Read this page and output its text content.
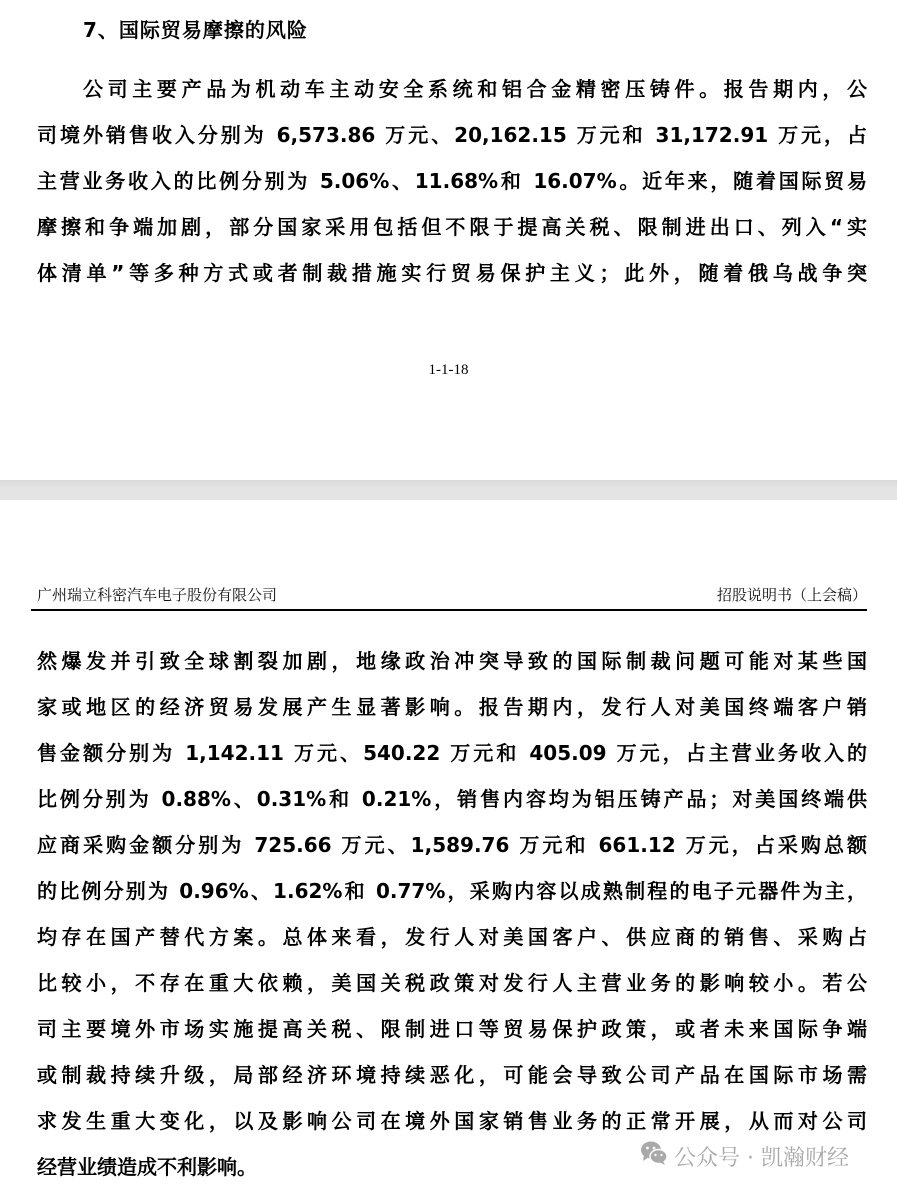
7、国际贸易摩擦的风险
公司主要产品为机动车主动安全系统和铝合金精密压铸件。报告期内，公
司境外销售收入分别为 6,573.86 万元、20,162.15 万元和 31,172.91 万元，占
主营业务收入的比例分别为 5.06%、11.68%和 16.07%。近年来，随着国际贸易
摩擦和争端加剧，部分国家采用包括但不限于提高关税、限制进出口、列入“实
体清单”等多种方式或者制裁措施实行贸易保护主义；此外，随着俄乌战争突
1-1-18
广州瑞立科密汽车电子股份有限公司	招股说明书（上会稿）
然爆发并引致全球割裂加剧，地缘政治冲突导致的国际制裁问题可能对某些国
家或地区的经济贸易发展产生显著影响。报告期内，发行人对美国终端客户销
售金额分别为 1,142.11 万元、540.22 万元和 405.09 万元，占主营业务收入的
比例分别为 0.88%、0.31%和 0.21%，销售内容均为铝压铸产品；对美国终端供
应商采购金额分别为 725.66 万元、1,589.76 万元和 661.12 万元，占采购总额
的比例分别为 0.96%、1.62%和 0.77%，采购内容以成熟制程的电子元器件为主，
均存在国产替代方案。总体来看，发行人对美国客户、供应商的销售、采购占
比较小，不存在重大依赖，美国关税政策对发行人主营业务的影响较小。若公
司主要境外市场实施提高关税、限制进口等贸易保护政策，或者未来国际争端
或制裁持续升级，局部经济环境持续恶化，可能会导致公司产品在国际市场需
求发生重大变化，以及影响公司在境外国家销售业务的正常开展，从而对公司
经营业绩造成不利影响。	公众号 · 凯瀚财经
